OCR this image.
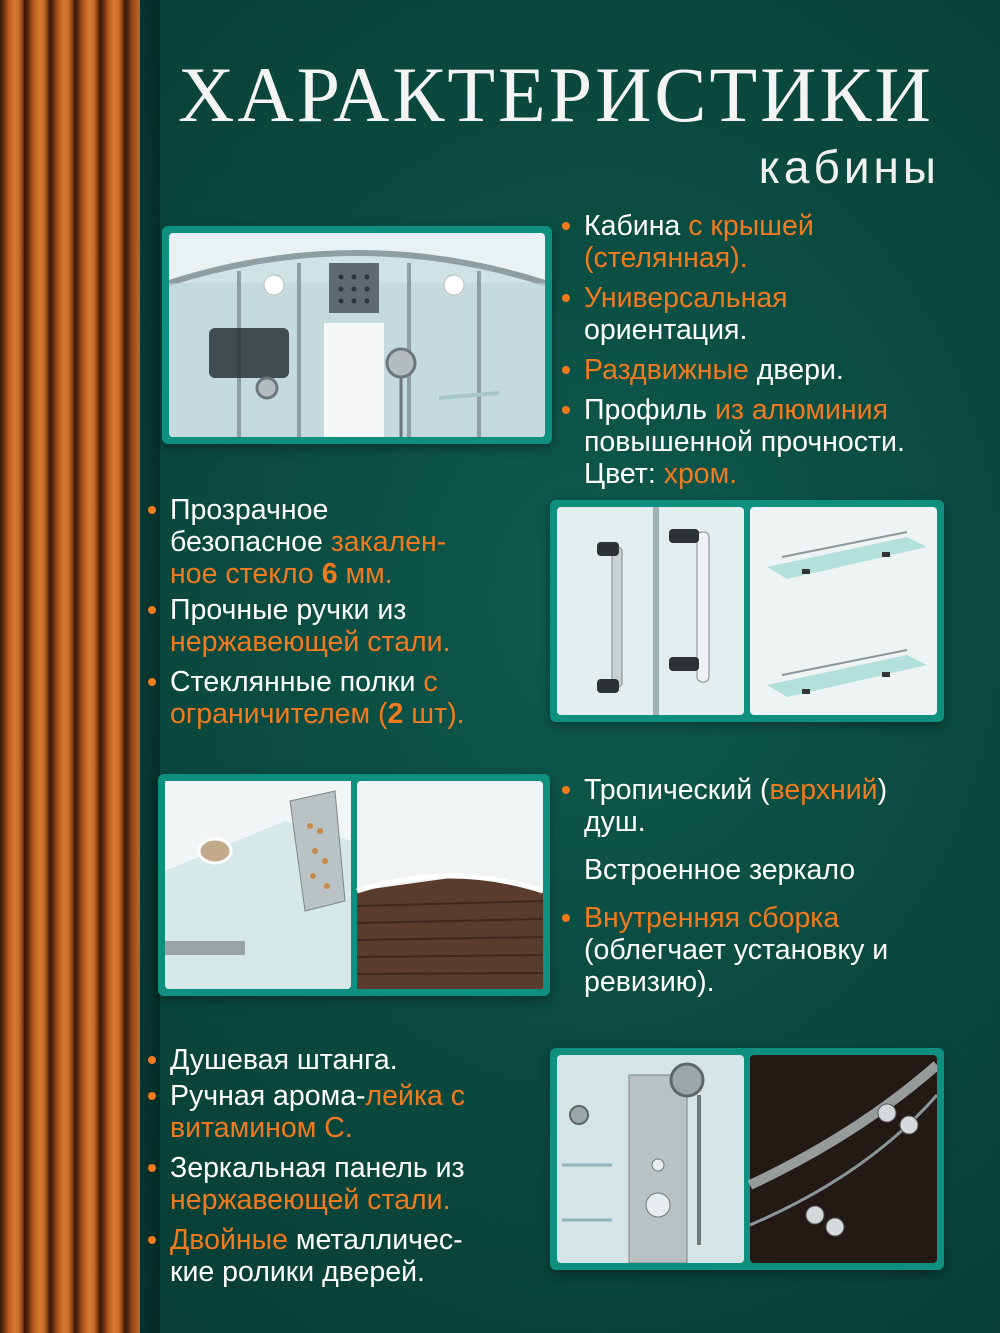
ХАРАКТЕРИСТИКИ
кабины
Кабина с крышей
(стелянная).
Универсальная
ориентация.
Раздвижные двери.
Профиль из алюминия
повышенной прочности.
Цвет: хром.
Прозрачное
безопасное закален-
ное стекло 6 мм.
Прочные ручки из
нержавеющей стали.
Стеклянные полки с
ограничителем (2 шт).
Тропический (верхний)
душ.
Встроенное зеркало
Внутренняя сборка
(облегчает установку и
ревизию).
Душевая штанга.
Ручная арома-лейка с
витамином С.
Зеркальная панель из
нержавеющей стали.
Двойные металличес-
кие ролики дверей.
